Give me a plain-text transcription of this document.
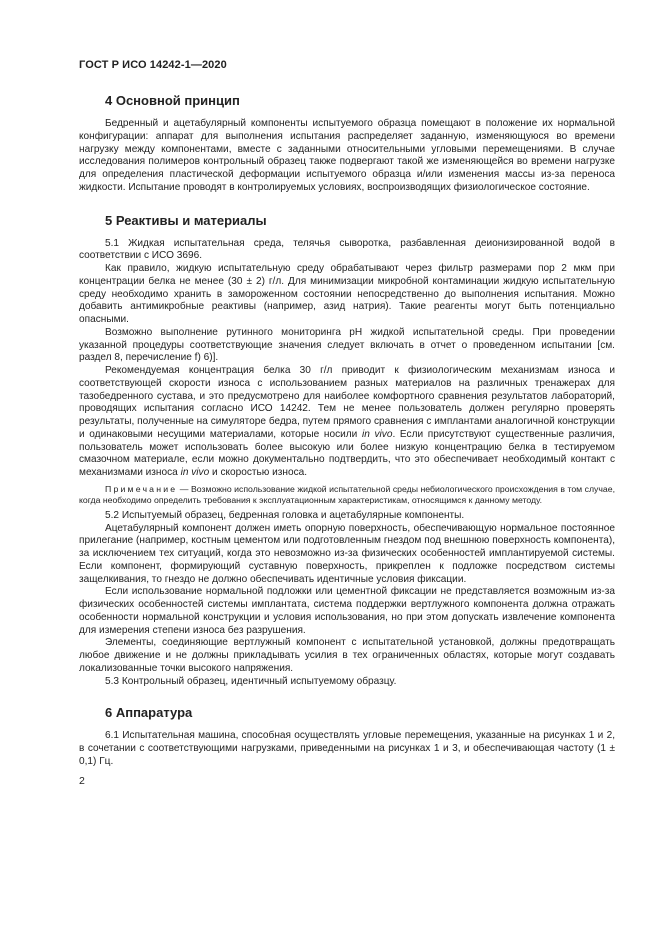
ГОСТ Р ИСО 14242-1—2020
4 Основной принцип

Бедренный и ацетабулярный компоненты испытуемого образца помещают в положение их нормальной конфигурации: аппарат для выполнения испытания распределяет заданную, изменяющуюся во времени нагрузку между компонентами, вместе с заданными относительными угловыми перемещениями. В случае исследования полимеров контрольный образец также подвергают такой же изменяющейся во времени нагрузке для определения пластической деформации испытуемого образца и/или изменения массы из-за переноса жидкости. Испытание проводят в контролируемых условиях, воспроизводящих физиологическое состояние.

5 Реактивы и материалы

5.1 Жидкая испытательная среда, телячья сыворотка, разбавленная деионизированной водой в соответствии с ИСО 3696.

Как правило, жидкую испытательную среду обрабатывают через фильтр размерами пор 2 мкм при концентрации белка не менее (30 ± 2) г/л. Для минимизации микробной контаминации жидкую испытательную среду необходимо хранить в замороженном состоянии непосредственно до выполнения испытания. Можно добавить антимикробные реактивы (например, азид натрия). Такие реагенты могут быть потенциально опасными.

Возможно выполнение рутинного мониторинга pH жидкой испытательной среды. При проведении указанной процедуры соответствующие значения следует включать в отчет о проведенном испытании [см. раздел 8, перечисление f) 6)].

Рекомендуемая концентрация белка 30 г/л приводит к физиологическим механизмам износа и соответствующей скорости износа с использованием разных материалов на различных тренажерах для тазобедренного сустава, и это предусмотрено для наиболее комфортного сравнения результатов лабораторий, проводящих испытания согласно ИСО 14242. Тем не менее пользователь должен регулярно проверять результаты, полученные на симуляторе бедра, путем прямого сравнения с имплантами аналогичной конструкции и одинаковыми несущими материалами, которые носили in vivo. Если присутствуют существенные различия, пользователь может использовать более высокую или более низкую концентрацию белка в тестируемом смазочном материале, если можно документально подтвердить, что это обеспечивает необходимый контакт с механизмами износа in vivo и скоростью износа.

Примечание — Возможно использование жидкой испытательной среды небиологического происхождения в том случае, когда необходимо определить требования к эксплуатационным характеристикам, относящимся к данному методу.

5.2 Испытуемый образец, бедренная головка и ацетабулярные компоненты.

Ацетабулярный компонент должен иметь опорную поверхность, обеспечивающую нормальное постоянное прилегание (например, костным цементом или подготовленным гнездом под внешнюю поверхность компонента), за исключением тех ситуаций, когда это невозможно из-за физических особенностей имплантируемой системы. Если компонент, формирующий суставную поверхность, прикреплен к подложке посредством системы защелкивания, то гнездо не должно обеспечивать идентичные условия фиксации.

Если использование нормальной подложки или цементной фиксации не представляется возможным из-за физических особенностей системы имплантата, система поддержки вертлужного компонента должна отражать особенности нормальной конструкции и условия использования, но при этом допускать извлечение компонента для измерения степени износа без разрушения.

Элементы, соединяющие вертлужный компонент с испытательной установкой, должны предотвращать любое движение и не должны прикладывать усилия в тех ограниченных областях, которые могут создавать локализованные точки высокого напряжения.

5.3 Контрольный образец, идентичный испытуемому образцу.

6 Аппаратура

6.1 Испытательная машина, способная осуществлять угловые перемещения, указанные на рисунках 1 и 2, в сочетании с соответствующими нагрузками, приведенными на рисунках 1 и 3, и обеспечивающая частоту (1 ± 0,1) Гц.

2
